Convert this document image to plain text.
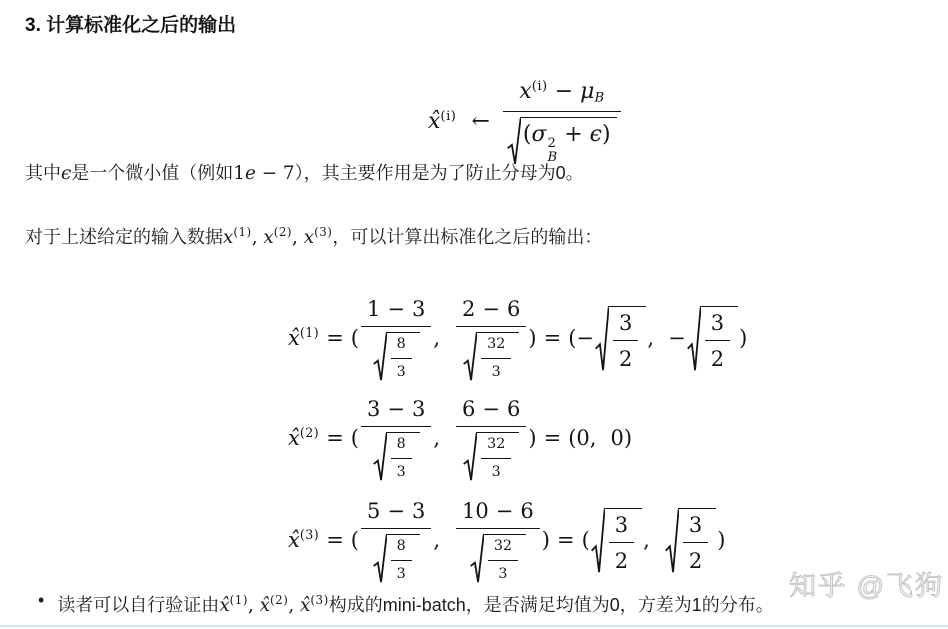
3. 计算标准化之后的输出
x̂$^{(i)}$ ← $x^{(i)} - \mu B$
(σ 2
B
+ ϵ)

其中ϵ是一个微小值（例如1e − 7），其主要作用是为了防止分母为0。

对于上述给定的输入数据$x^{(1)}$, $x^{(2)}$, $x^{(3)}$，可以计算出标准化之后的输出：

x̂$^{(1)}$ = ( $\frac{1 - 3}{\frac{8}{3}}$ , $\frac{2 - 6}{\frac{32}{3}}$ ) = (− $\frac{3}{2}$ , − $\frac{3}{2}$ )
x̂$^{(2)}$ = ( $\frac{3 - 3}{\frac{8}{3}}$ , $\frac{6 - 6}{\frac{32}{3}}$ ) = (0, 0)
x̂$^{(3)}$ = ( $\frac{5 - 3}{\frac{8}{3}}$ , $\frac{10 - 6}{\frac{32}{3}}$ ) = ( $\frac{3}{2}$ , $\frac{3}{2}$ )
• 读者可以自行验证由x̂$^{(1)}$, x̂$^{(2)}$, x̂$^{(3)}$构成的mini-batch，是否满足均值为0，方差为1的分布。
知乎 @飞狗
